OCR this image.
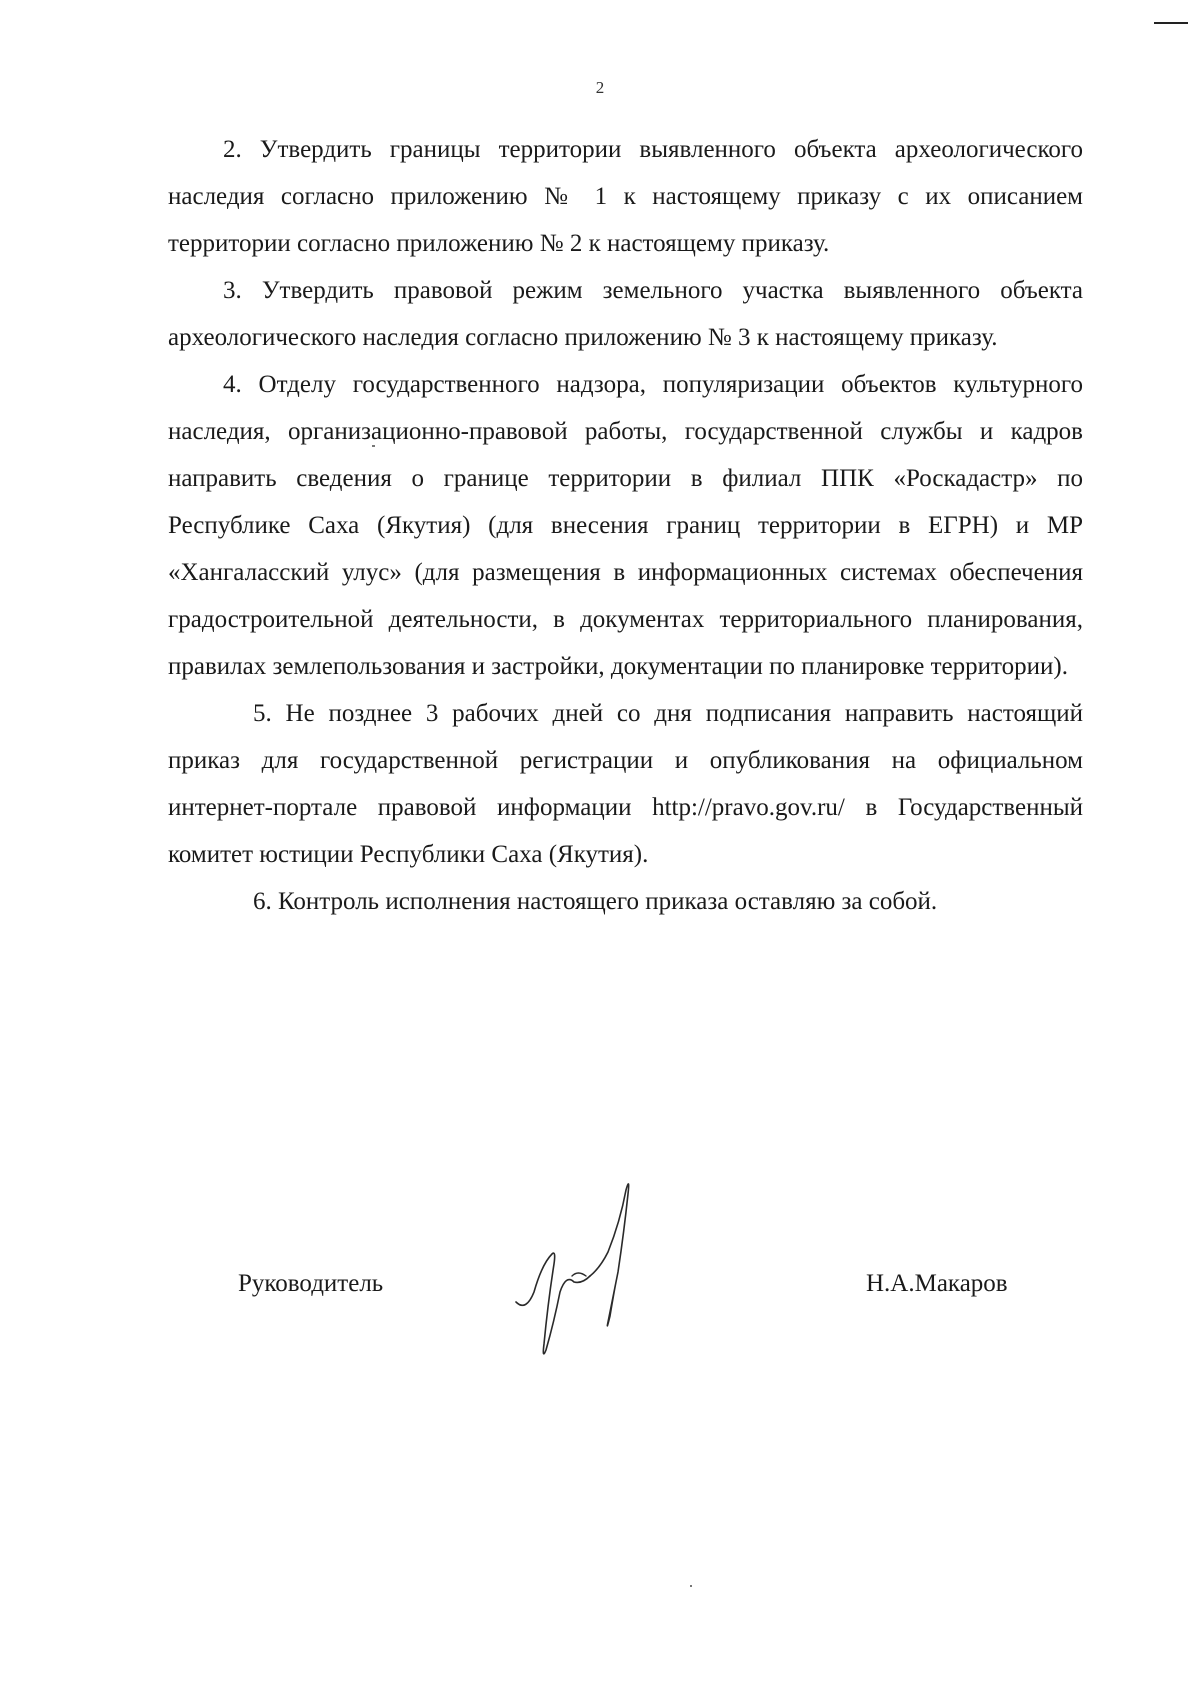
2

2. Утвердить границы территории выявленного объекта археологического наследия согласно приложению № 1 к настоящему приказу с их описанием территории согласно приложению № 2 к настоящему приказу.

3. Утвердить правовой режим земельного участка выявленного объекта археологического наследия согласно приложению № 3 к настоящему приказу.

4. Отделу государственного надзора, популяризации объектов культурного наследия, организационно-правовой работы, государственной службы и кадров направить сведения о границе территории в филиал ППК «Роскадастр» по Республике Саха (Якутия) (для внесения границ территории в ЕГРН) и МР «Хангаласский улус» (для размещения в информационных системах обеспечения градостроительной деятельности, в документах территориального планирования, правилах землепользования и застройки, документации по планировке территории).

5. Не позднее 3 рабочих дней со дня подписания направить настоящий приказ для государственной регистрации и опубликования на официальном интернет-портале правовой информации http://pravo.gov.ru/ в Государственный комитет юстиции Республики Саха (Якутия).

6. Контроль исполнения настоящего приказа оставляю за собой.

Руководитель	Н.А.Макаров
